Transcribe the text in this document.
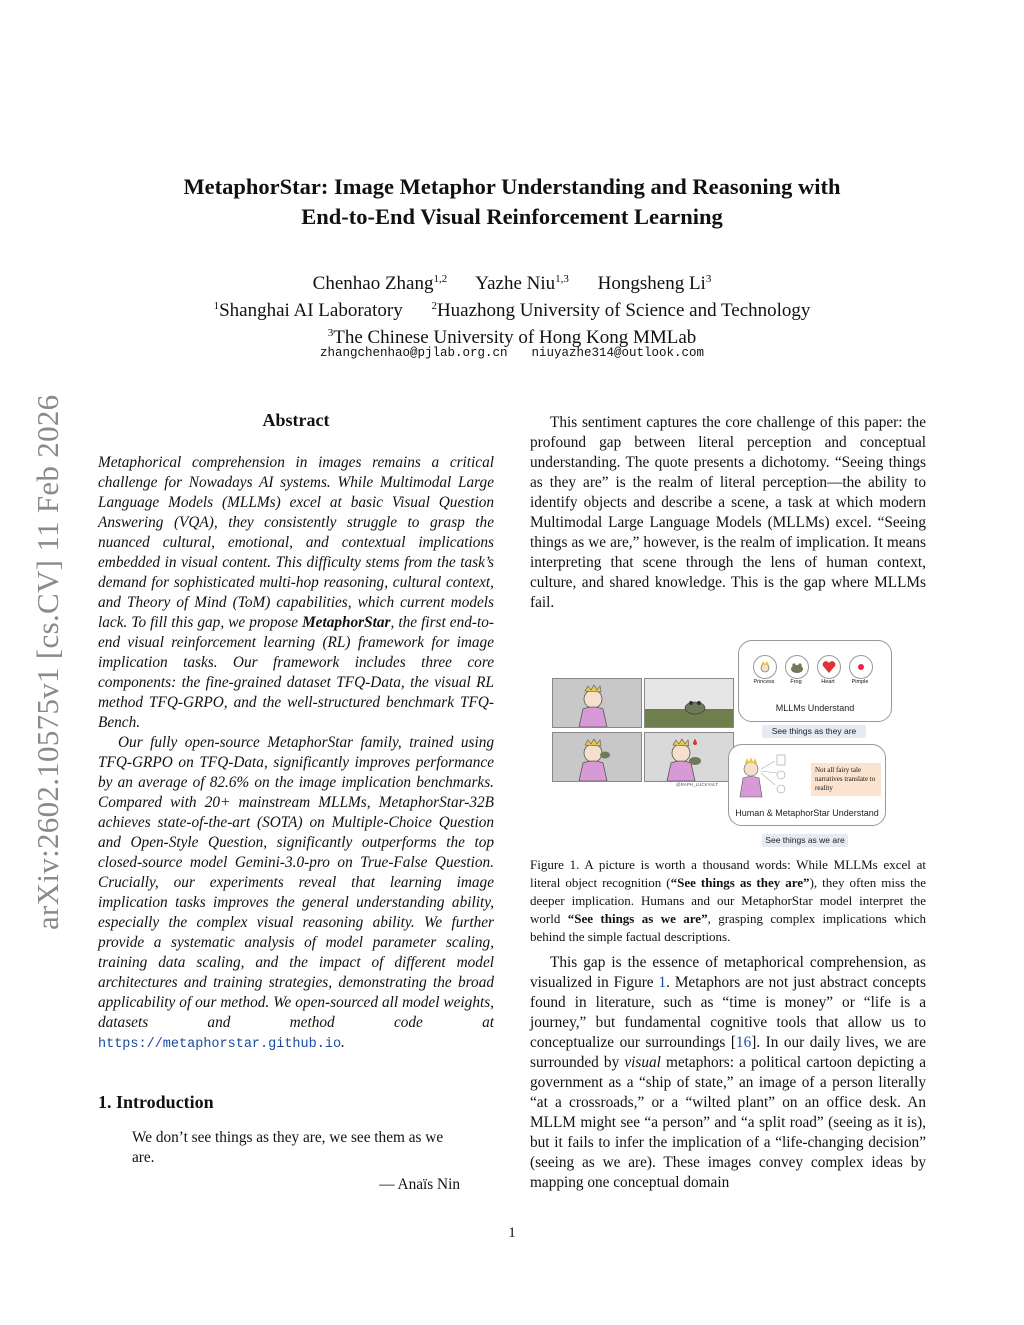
arXiv:2602.10575v1 [cs.CV] 11 Feb 2026
MetaphorStar: Image Metaphor Understanding and Reasoning with
End-to-End Visual Reinforcement Learning
Chenhao Zhang$^{1,2}$ Yazhe Niu$^{1,3}$ Hongsheng Li$^3$
$^1$Shanghai AI Laboratory	$^2$Huazhong University of Science and Technology
$^3$The Chinese University of Hong Kong MMLab
zhangchenhao@pjlab.org.cn niuyazhe314@outlook.com
Abstract

Metaphorical comprehension in images remains a critical challenge for Nowadays AI systems. While Multimodal Large Language Models (MLLMs) excel at basic Visual Question Answering (VQA), they consistently struggle to grasp the nuanced cultural, emotional, and contextual implications embedded in visual content. This difficulty stems from the task’s demand for sophisticated multi-hop reasoning, cultural context, and Theory of Mind (ToM) capabilities, which current models lack. To fill this gap, we propose MetaphorStar, the first end-to-end visual reinforcement learning (RL) framework for image implication tasks. Our framework includes three core components: the fine-grained dataset TFQ-Data, the visual RL method TFQ-GRPO, and the well-structured benchmark TFQ-Bench.

Our fully open-source MetaphorStar family, trained using TFQ-GRPO on TFQ-Data, significantly improves performance by an average of 82.6% on the image implication benchmarks. Compared with 20+ mainstream MLLMs, MetaphorStar-32B achieves state-of-the-art (SOTA) on Multiple-Choice Question and Open-Style Question, significantly outperforms the top closed-source model Gemini-3.0-pro on True-False Question. Crucially, our experiments reveal that learning image implication tasks improves the general understanding ability, especially the complex visual reasoning ability. We further provide a systematic analysis of model parameter scaling, training data scaling, and the impact of different model architectures and training strategies, demonstrating the broad applicability of our method. We open-sourced all model weights, datasets and method code at https://metaphorstar.github.io.

1. Introduction
We don’t see things as they are, we see them as we are.
— Anaïs Nin

This sentiment captures the core challenge of this paper: the profound gap between literal perception and conceptual understanding. The quote presents a dichotomy. “Seeing things as they are” is the realm of literal perception—the ability to identify objects and describe a scene, a task at which modern Multimodal Large Language Models (MLLMs) excel. “Seeing things as we are,” however, is the realm of implication. It means interpreting that scene through the lens of human context, culture, and shared knowledge. This is the gap where MLLMs fail.

@RAPH_LUCKYALT
Princess	Frog	Heart	Pimple
MLLMs Understand
See things as they are
Not all fairy tale narratives translate to reality
Human & MetaphorStar Understand
See things as we are
Figure 1. A picture is worth a thousand words: While MLLMs excel at literal object recognition (“See things as they are”), they often miss the deeper implication. Humans and our MetaphorStar model interpret the world “See things as we are”, grasping complex implications which behind the simple factual descriptions.

This gap is the essence of metaphorical comprehension, as visualized in Figure 1. Metaphors are not just abstract concepts found in literature, such as “time is money” or “life is a journey,” but fundamental cognitive tools that allow us to conceptualize our surroundings [16]. In our daily lives, we are surrounded by visual metaphors: a political cartoon depicting a government as a “ship of state,” an image of a person literally “at a crossroads,” or a “wilted plant” on an office desk. An MLLM might see “a person” and “a split road” (seeing as it is), but it fails to infer the implication of a “life-changing decision” (seeing as we are). These images convey complex ideas by mapping one conceptual domain

1
